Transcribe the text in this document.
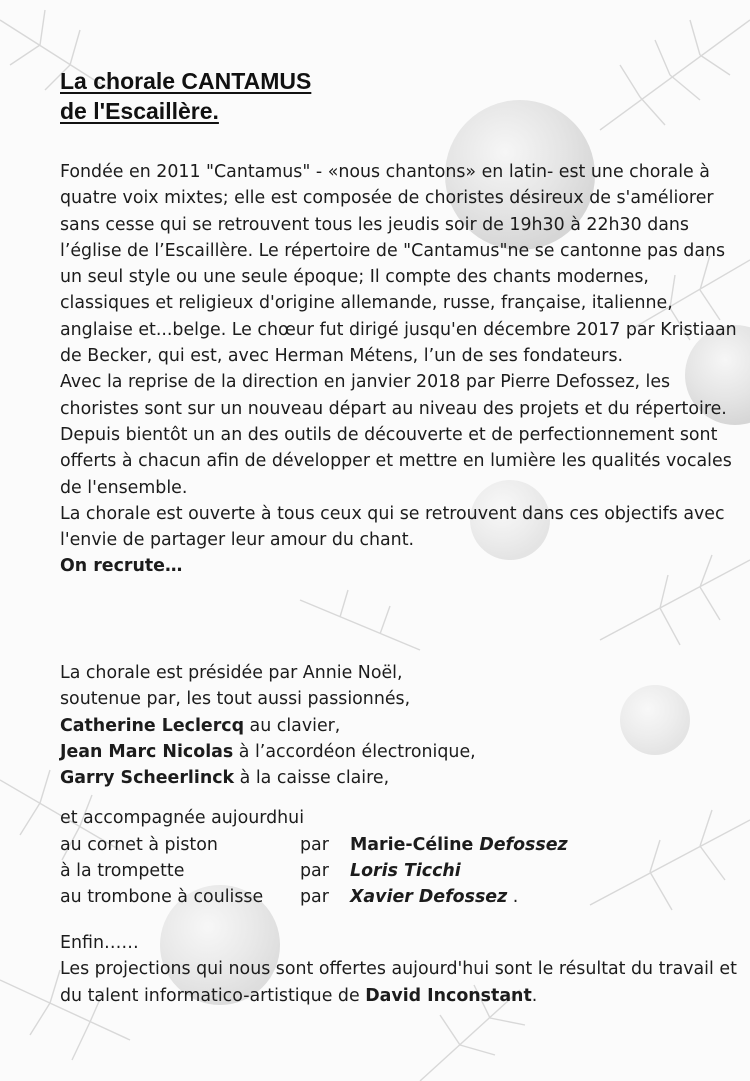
La chorale CANTAMUS
de l'Escaillère.

Fondée en 2011 "Cantamus" - «nous chantons» en latin- est une chorale à quatre voix mixtes; elle est composée de choristes désireux de s'améliorer sans cesse qui se retrouvent tous les jeudis soir de 19h30 à 22h30 dans l’église de l’Escaillère. Le répertoire de "Cantamus"ne se cantonne pas dans un seul style ou une seule époque; Il compte des chants modernes, classiques et religieux d'origine allemande, russe, française, italienne, anglaise et...belge. Le chœur fut dirigé jusqu'en décembre 2017 par Kristiaan de Becker, qui est, avec Herman Métens, l’un de ses fondateurs.

Avec la reprise de la direction en janvier 2018 par Pierre Defossez, les choristes sont sur un nouveau départ au niveau des projets et du répertoire. Depuis bientôt un an des outils de découverte et de perfectionnement sont offerts à chacun afin de développer et mettre en lumière les qualités vocales de l'ensemble.

La chorale est ouverte à tous ceux qui se retrouvent dans ces objectifs avec l'envie de partager leur amour du chant.

On recrute…

La chorale est présidée par Annie Noël,
soutenue par, les tout aussi passionnés,
Catherine Leclercq au clavier,
Jean Marc Nicolas à l’accordéon électronique,
Garry Scheerlinck à la caisse claire,
et accompagnée aujourdhui
au cornet à piston	par Marie-Céline Defossez
à la trompette	par Loris Ticchi
au trombone à coulisse par Xavier Defossez .

Enfin……

Les projections qui nous sont offertes aujourd'hui sont le résultat du travail et du talent informatico-artistique de David Inconstant.
